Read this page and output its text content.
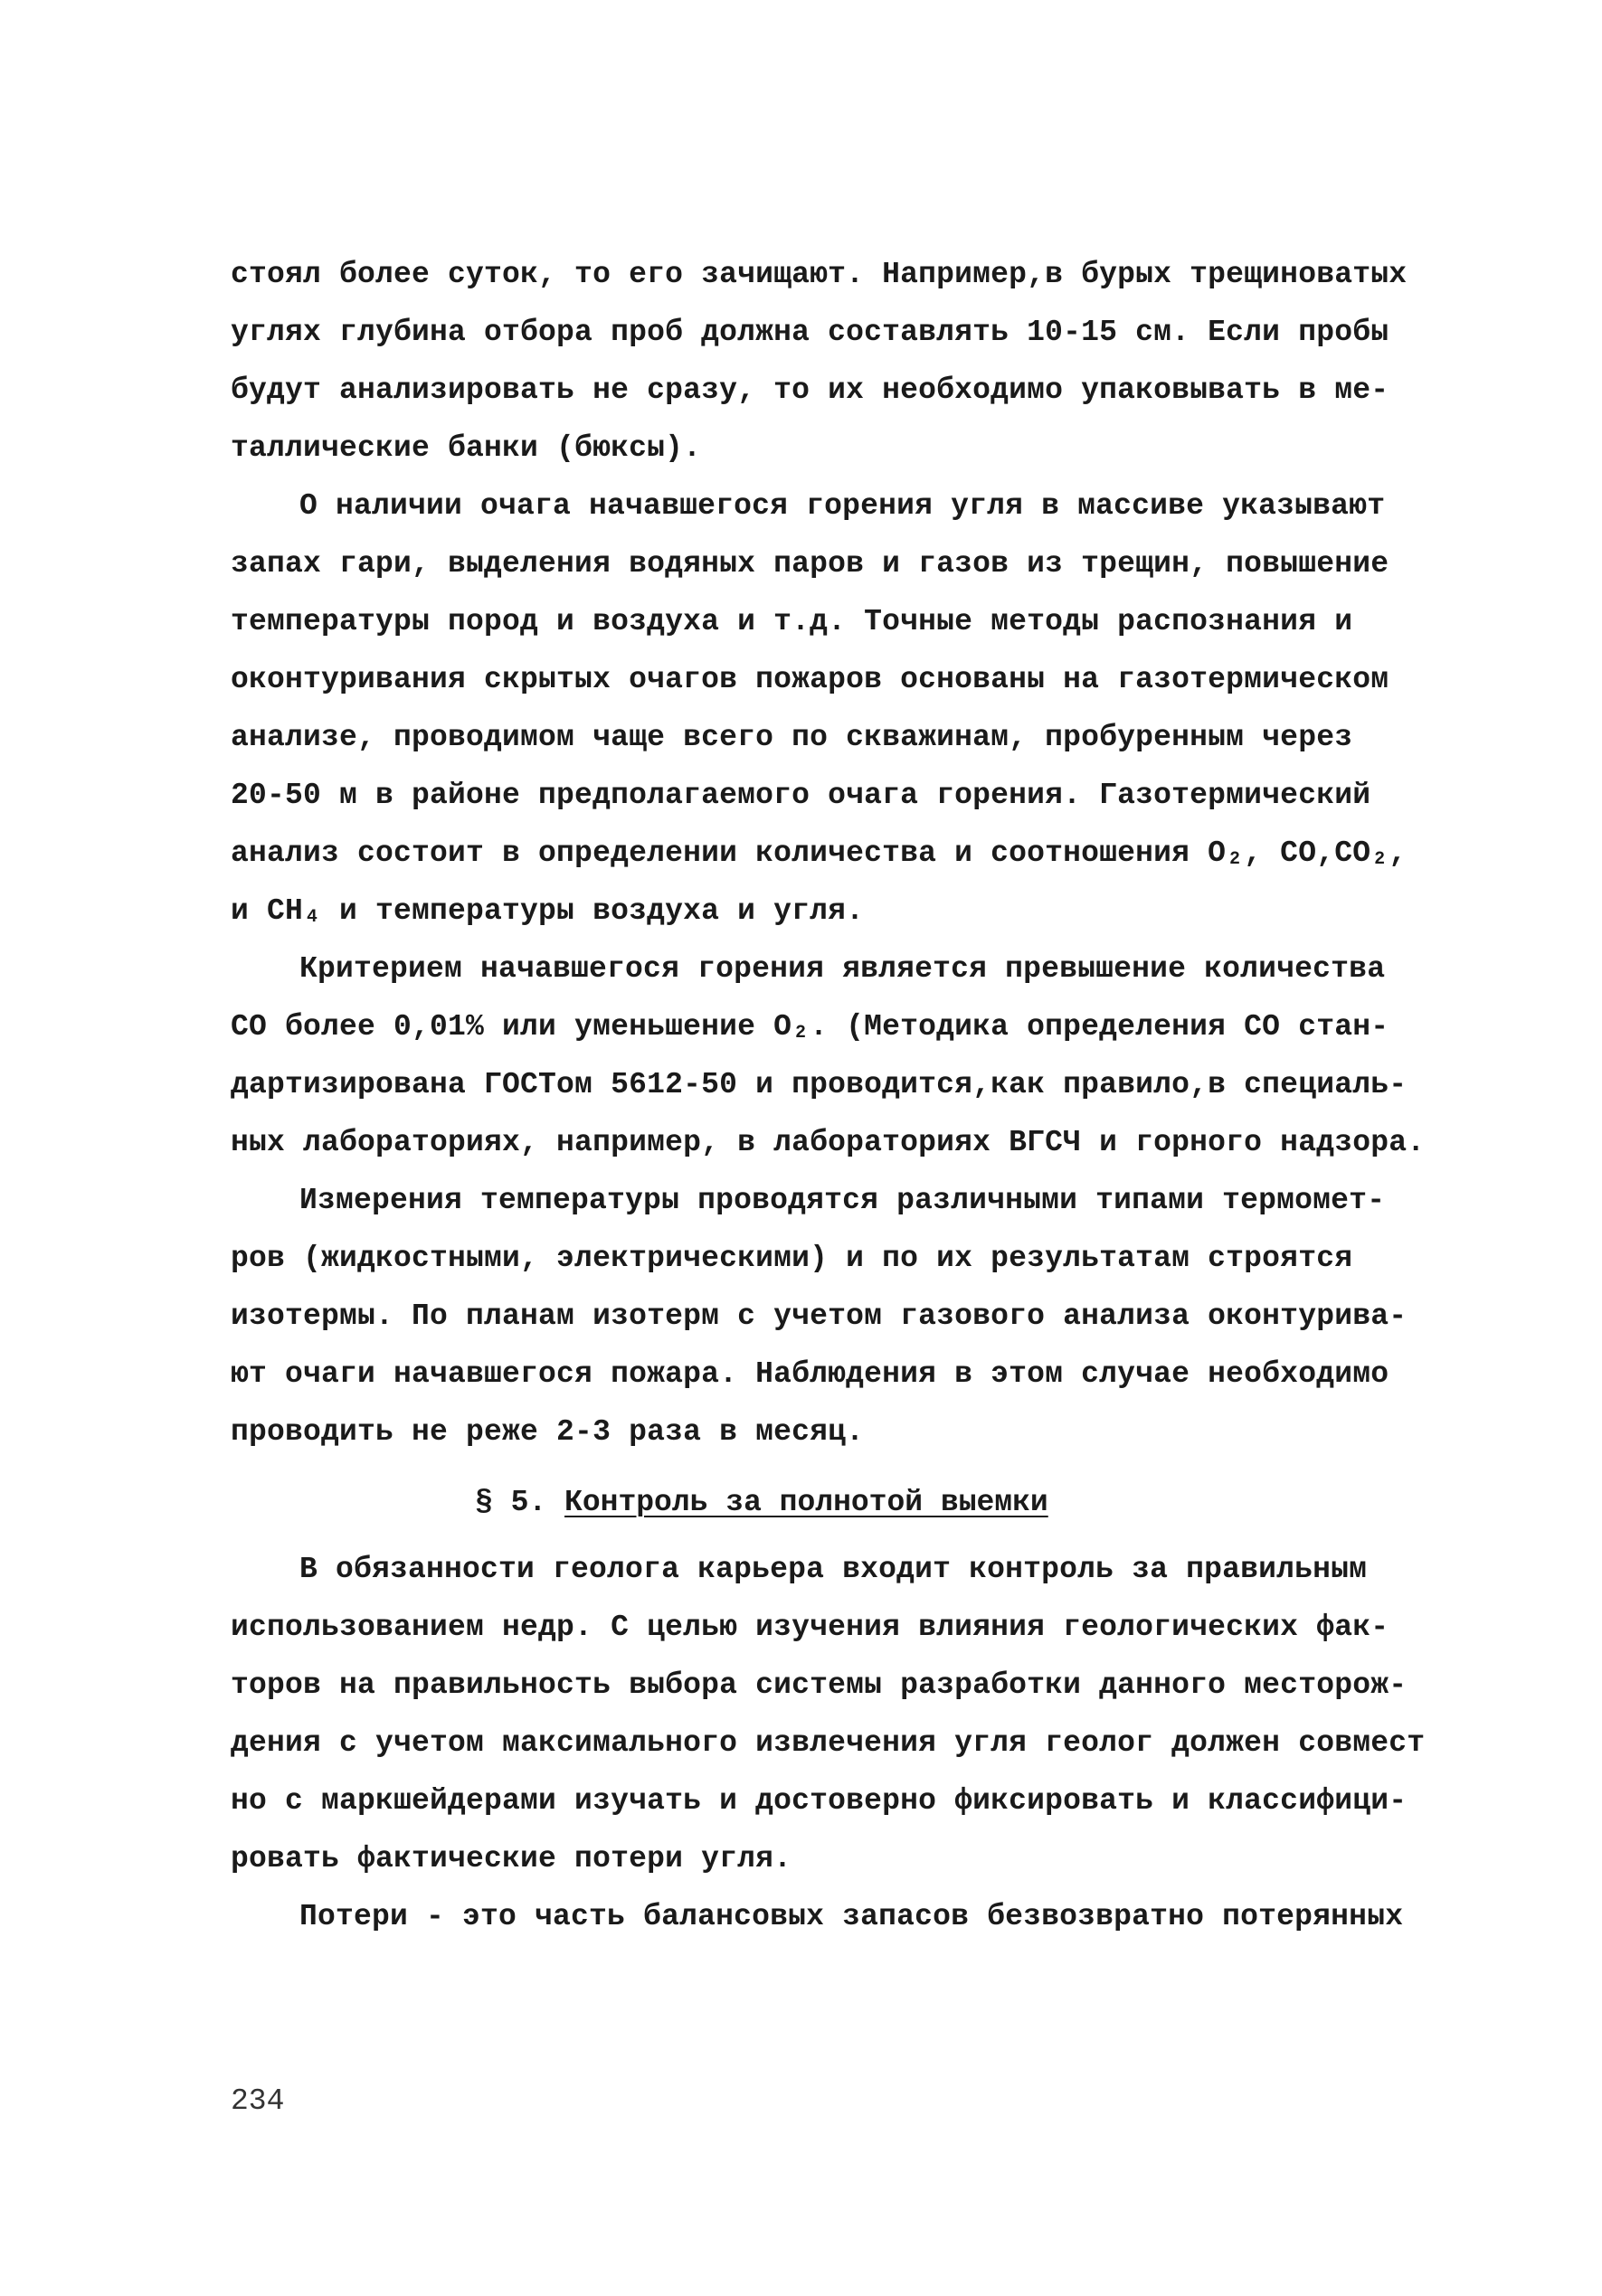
стоял более суток, то его зачищают. Например,в бурых трещиноватых
углях глубина отбора проб должна составлять 10-15 см. Если пробы
будут анализировать не сразу, то их необходимо упаковывать в ме-
таллические банки (бюксы).
О наличии очага начавшегося горения угля в массиве указывают
запах гари, выделения водяных паров и газов из трещин, повышение
температуры пород и воздуха и т.д. Точные методы распознания и
оконтуривания скрытых очагов пожаров основаны на газотермическом
анализе, проводимом чаще всего по скважинам, пробуренным через
20-50 м в районе предполагаемого очага горения. Газотермический
анализ состоит в определении количества и соотношения O₂, CO,CO₂,
и CH₄ и температуры воздуха и угля.
Критерием начавшегося горения является превышение количества
CO более 0,01% или уменьшение O₂. (Методика определения CO стан-
дартизирована ГОСТом 5612-50 и проводится,как правило,в специаль-
ных лабораториях, например, в лабораториях ВГСЧ и горного надзора.
Измерения температуры проводятся различными типами термомет-
ров (жидкостными, электрическими) и по их результатам строятся
изотермы. По планам изотерм с учетом газового анализа оконтурива-
ют очаги начавшегося пожара. Наблюдения в этом случае необходимо
проводить не реже 2-3 раза в месяц.
§ 5. Контроль за полнотой выемки
В обязанности геолога карьера входит контроль за правильным
использованием недр. С целью изучения влияния геологических фак-
торов на правильность выбора системы разработки данного месторож-
дения с учетом максимального извлечения угля геолог должен совмест
но с маркшейдерами изучать и достоверно фиксировать и классифици-
ровать фактические потери угля.
Потери - это часть балансовых запасов безвозвратно потерянных
234
